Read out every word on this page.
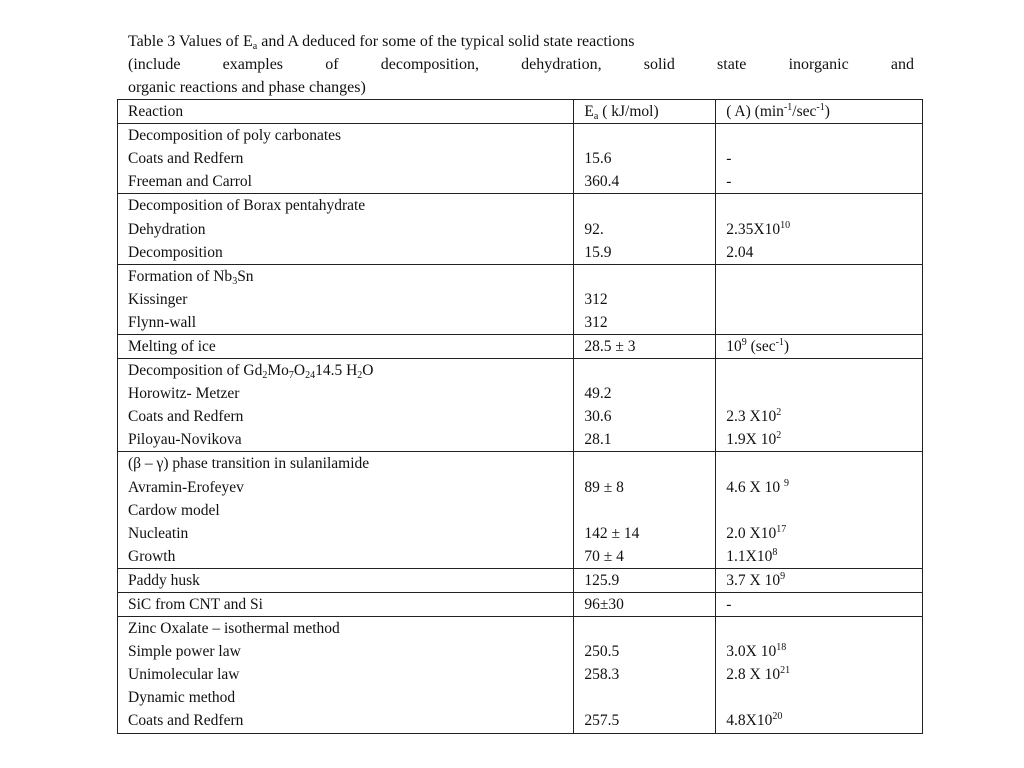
Table 3 Values of $E_a$ and A deduced for some of the typical solid state reactions
(include examples of decomposition, dehydration, solid state inorganic and
organic reactions and phase changes)
Reaction	$E_a$ ( kJ/mol)	( A) $(\min^{-1}/\sec^{-1})$
Decomposition of poly carbonates		
Coats and Redfern	15.6	-
Freeman and Carrol	360.4	-
Decomposition of Borax pentahydrate		
Dehydration	92.	$2.35X10^{10}$
Decomposition	15.9	2.04
Formation of $Nb_3Sn$		
Kissinger	312	
Flynn-wall	312	
Melting of ice	28.5 ± 3	$10^9$ $(\sec^{-1})$
Decomposition of $Gd_2Mo_7O_{24}14.5$ $H_2O$		
Horowitz- Metzer	49.2	
Coats and Redfern	30.6	2.3 $X10^2$
Piloyau-Novikova	28.1	1.9X $10^2$
(β – γ) phase transition in sulanilamide		
Avramin-Erofeyev	89 ± 8	4.6 X 10 $^9$
Cardow model		
Nucleatin	142 ± 14	2.0 $X10^{17}$
Growth	70 ± 4	$1.1X10^8$
Paddy husk	125.9	3.7 X $10^9$
SiC from CNT and Si	96±30	-
Zinc Oxalate – isothermal method		
Simple power law	250.5	3.0X $10^{18}$
Unimolecular law	258.3	2.8 X $10^{21}$
Dynamic method		
Coats and Redfern	257.5	$4.8X10^{20}$
